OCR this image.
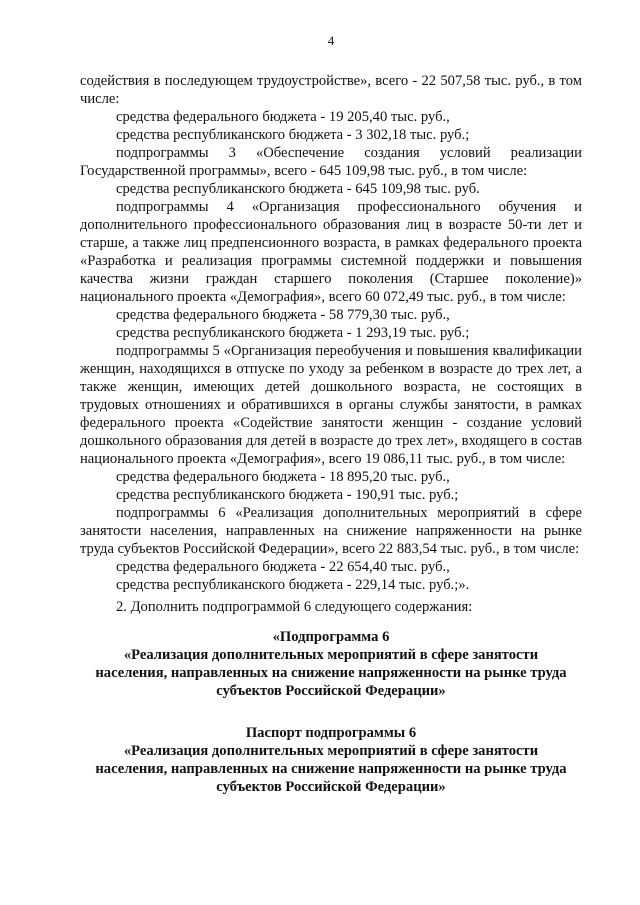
4

содействия в последующем трудоустройстве», всего - 22 507,58 тыс. руб., в том числе:

средства федерального бюджета - 19 205,40 тыс. руб.,

средства республиканского бюджета - 3 302,18 тыс. руб.;

подпрограммы 3 «Обеспечение создания условий реализации Государственной программы», всего - 645 109,98 тыс. руб., в том числе:

средства республиканского бюджета - 645 109,98 тыс. руб.

подпрограммы 4 «Организация профессионального обучения и дополнительного профессионального образования лиц в возрасте 50-ти лет и старше, а также лиц предпенсионного возраста, в рамках федерального проекта «Разработка и реализация программы системной поддержки и повышения качества жизни граждан старшего поколения (Старшее поколение)» национального проекта «Демография», всего 60 072,49 тыс. руб., в том числе:

средства федерального бюджета - 58 779,30 тыс. руб.,

средства республиканского бюджета - 1 293,19 тыс. руб.;

подпрограммы 5 «Организация переобучения и повышения квалификации женщин, находящихся в отпуске по уходу за ребенком в возрасте до трех лет, а также женщин, имеющих детей дошкольного возраста, не состоящих в трудовых отношениях и обратившихся в органы службы занятости, в рамках федерального проекта «Содействие занятости женщин - создание условий дошкольного образования для детей в возрасте до трех лет», входящего в состав национального проекта «Демография», всего 19 086,11 тыс. руб., в том числе:

средства федерального бюджета - 18 895,20 тыс. руб.,

средства республиканского бюджета - 190,91 тыс. руб.;

подпрограммы 6 «Реализация дополнительных мероприятий в сфере занятости населения, направленных на снижение напряженности на рынке труда субъектов Российской Федерации», всего 22 883,54 тыс. руб., в том числе:

средства федерального бюджета - 22 654,40 тыс. руб.,

средства республиканского бюджета - 229,14 тыс. руб.;».

2. Дополнить подпрограммой 6 следующего содержания:

«Подпрограмма 6

«Реализация дополнительных мероприятий в сфере занятости

населения, направленных на снижение напряженности на рынке труда

субъектов Российской Федерации»

Паспорт подпрограммы 6

«Реализация дополнительных мероприятий в сфере занятости

населения, направленных на снижение напряженности на рынке труда

субъектов Российской Федерации»
